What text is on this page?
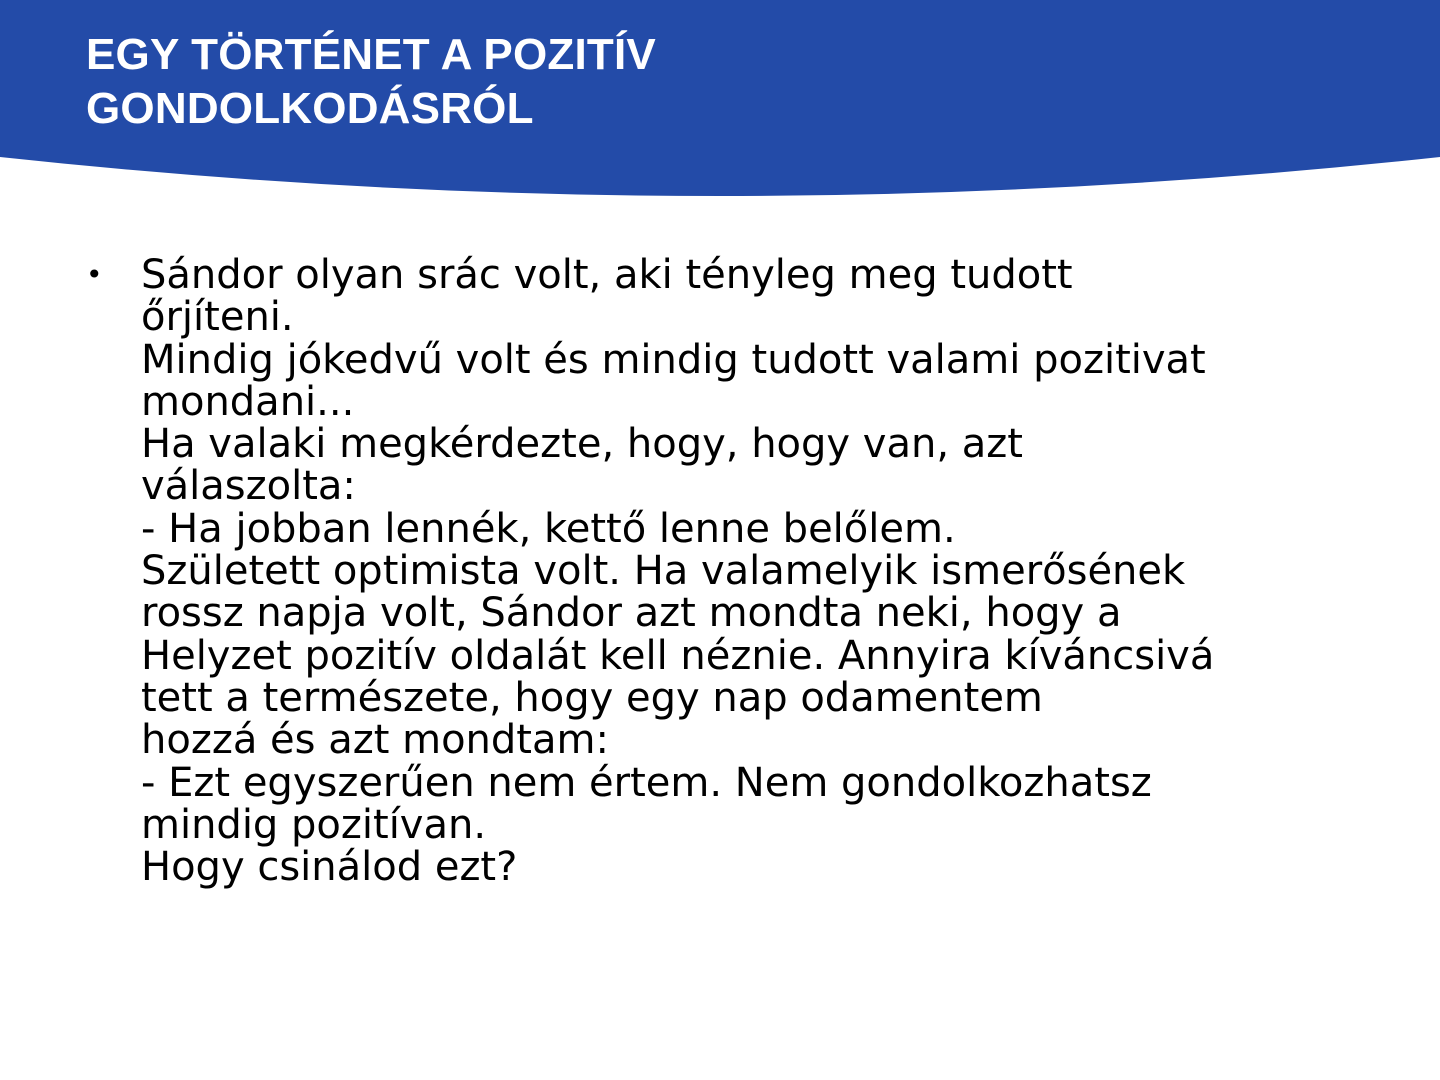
EGY TÖRTÉNET A POZITÍV
GONDOLKODÁSRÓL
• Sándor olyan srác volt, aki tényleg meg tudott
őrjíteni.
Mindig jókedvű volt és mindig tudott valami pozitivat
mondani...
Ha valaki megkérdezte, hogy, hogy van, azt
válaszolta:
- Ha jobban lennék, kettő lenne belőlem.
Született optimista volt. Ha valamelyik ismerősének
rossz napja volt, Sándor azt mondta neki, hogy a
Helyzet pozitív oldalát kell néznie. Annyira kíváncsivá
tett a természete, hogy egy nap odamentem
hozzá és azt mondtam:
- Ezt egyszerűen nem értem. Nem gondolkozhatsz
mindig pozitívan.
Hogy csinálod ezt?
